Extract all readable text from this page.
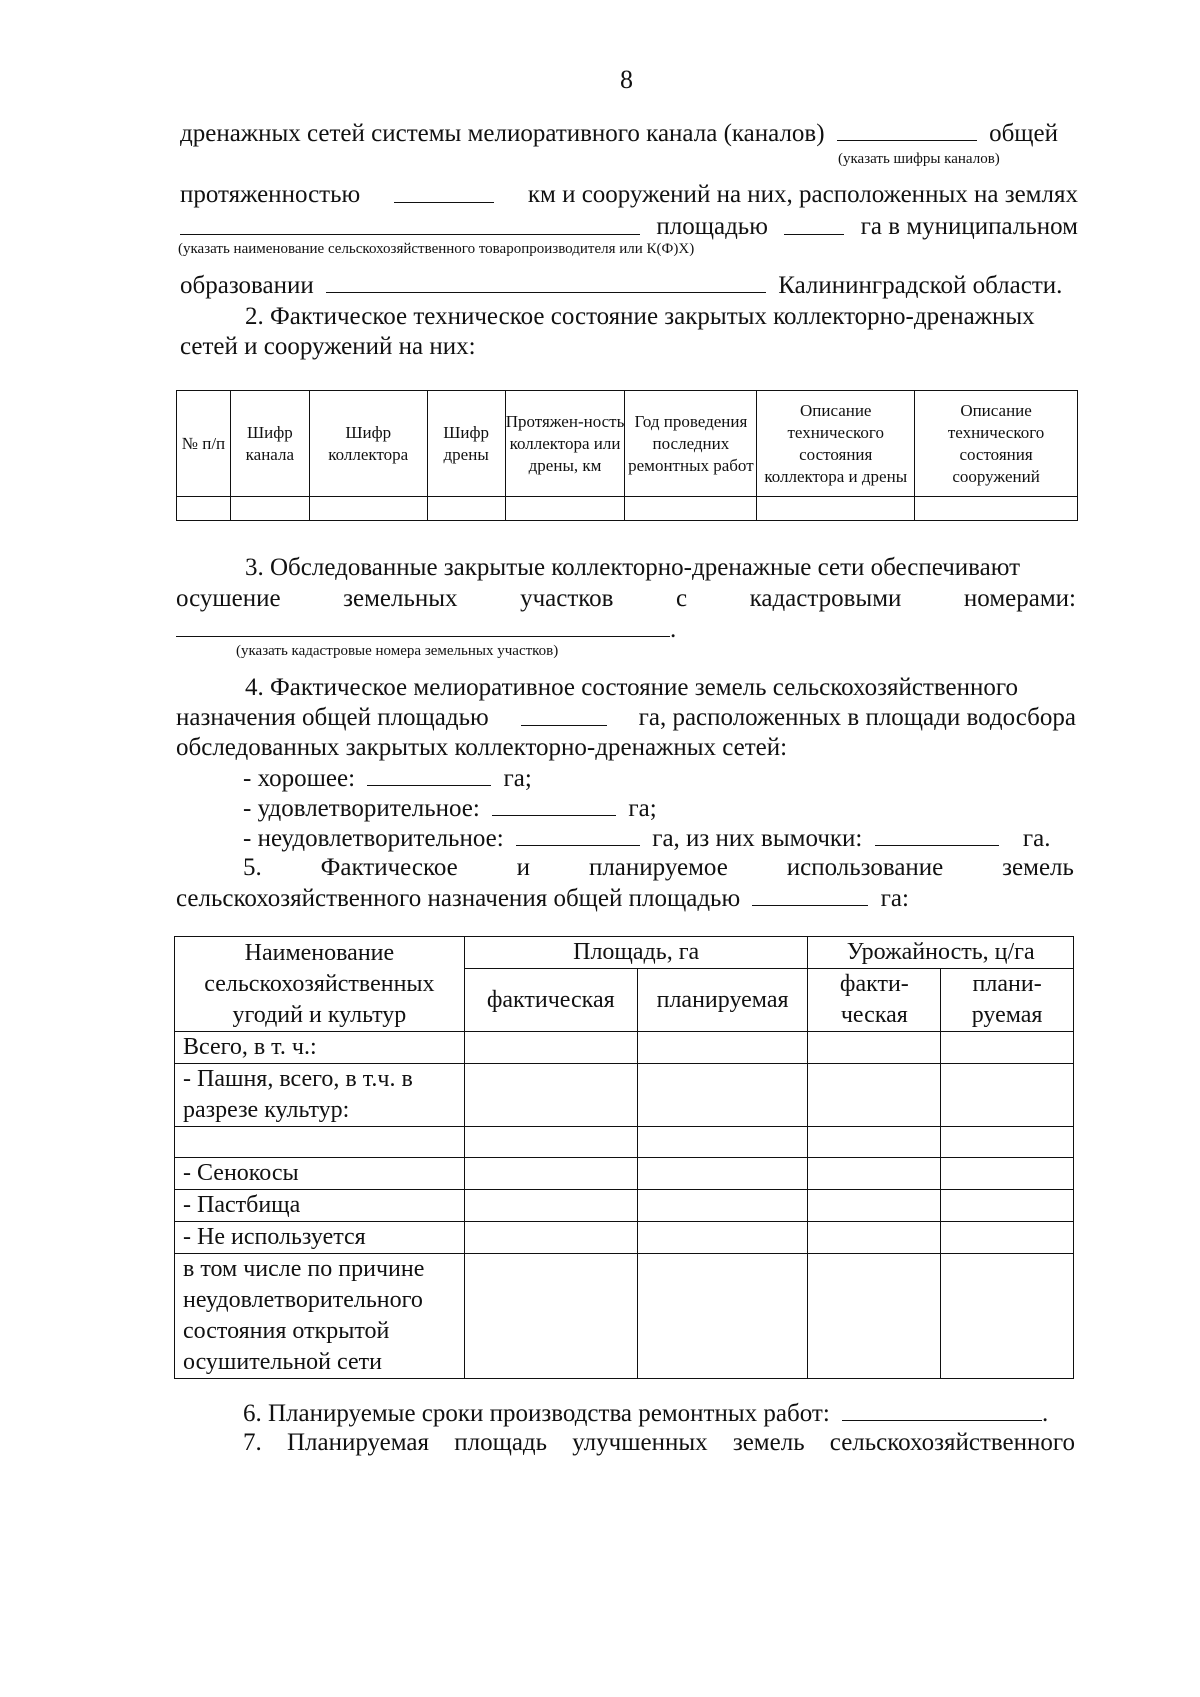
8
дренажных сетей системы мелиоративного канала (каналов)	общей
(указать шифры каналов)
протяженностью	км и сооружений на них, расположенных на землях
площадью	га в муниципальном
(указать наименование сельскохозяйственного товаропроизводителя или К(Ф)Х)
образовании	Калининградской области.
2. Фактическое техническое состояние закрытых коллекторно-дренажных
сетей и сооружений на них:
№ п/п	Шифр канала	Шифр коллектора	Шифр дрены	Протяжен-ность коллектора или дрены, км	Год проведения последних ремонтных работ	Описание технического состояния коллектора и дрены	Описание технического состояния сооружений

3. Обследованные закрытые коллекторно-дренажные сети обеспечивают
осушение	земельных	участков	с	кадастровыми	номерами:
.
(указать кадастровые номера земельных участков)
4. Фактическое мелиоративное состояние земель сельскохозяйственного
назначения общей площадью	га, расположенных в площади водосбора
обследованных закрытых коллекторно-дренажных сетей:
- хорошее:	га;
- удовлетворительное:	га;
- неудовлетворительное:	га, из них вымочки:	га.
5. Фактическое и планируемое использование земель
сельскохозяйственного назначения общей площадью	га:
Наименование сельскохозяйственных угодий и культур	Площадь, га		Урожайность, ц/га	
	фактическая	планируемая	факти-ческая	плани-руемая
Всего, в т. ч.:				
- Пашня, всего, в т.ч. в разрезе культур:				

- Сенокосы				
- Пастбища				
- Не используется				
в том числе по причине неудовлетворительного состояния открытой осушительной сети				
6. Планируемые сроки производства ремонтных работ:	.
7. Планируемая площадь улучшенных земель сельскохозяйственного
